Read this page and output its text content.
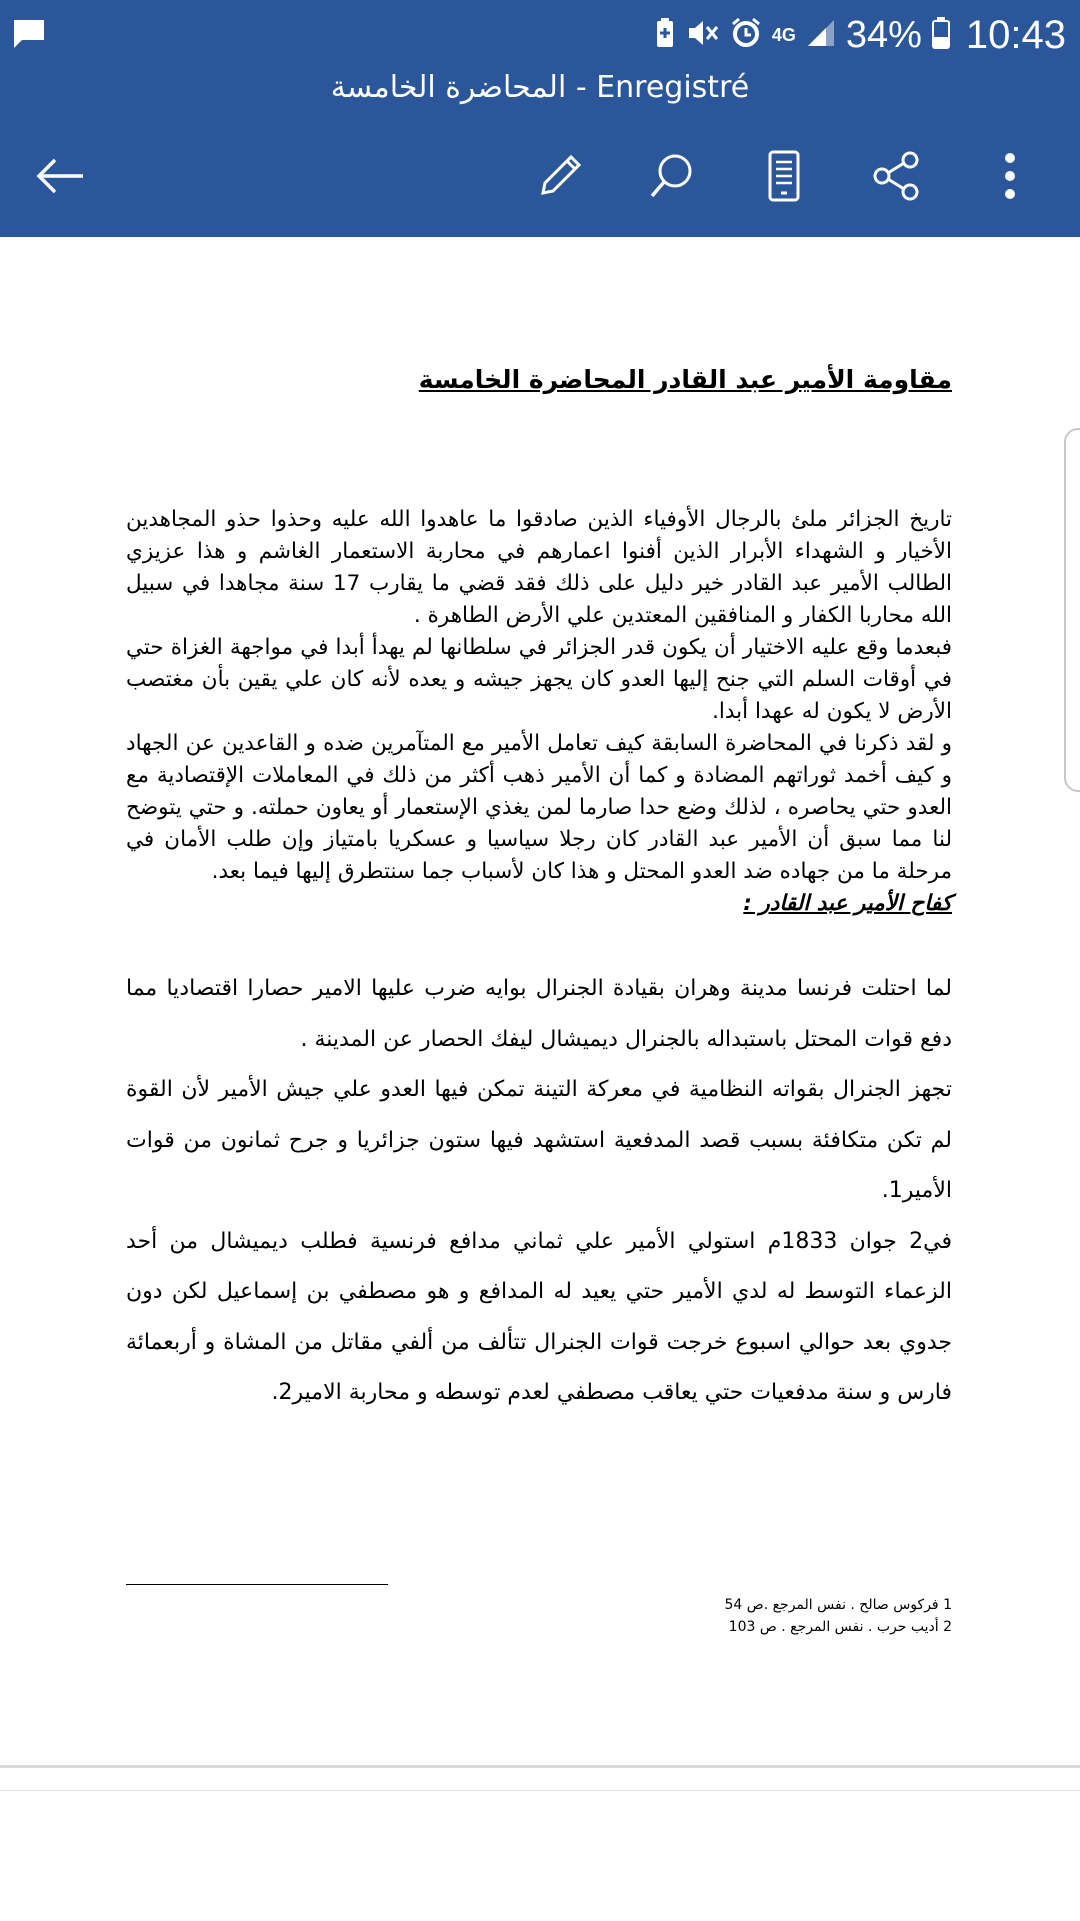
4G 34% 10:43
المحاضرة الخامسة - Enregistré
مقاومة الأمير عبد القادر المحاضرة الخامسة

تاريخ الجزائر ملئ بالرجال الأوفياء الذين صادقوا ما عاهدوا الله عليه وحذوا حذو المجاهدين الأخيار و الشهداء الأبرار الذين أفنوا اعمارهم في محاربة الاستعمار الغاشم و هذا عزيزي الطالب الأمير عبد القادر خير دليل على ذلك فقد قضي ما يقارب 17 سنة مجاهدا في سبيل الله محاربا الكفار و المنافقين المعتدين علي الأرض الطاهرة .

فبعدما وقع عليه الاختيار أن يكون قدر الجزائر في سلطانها لم يهدأ أبدا في مواجهة الغزاة حتي في أوقات السلم التي جنح إليها العدو كان يجهز جيشه و يعده لأنه كان علي يقين بأن مغتصب الأرض لا يكون له عهدا أبدا.

و لقد ذكرنا في المحاضرة السابقة كيف تعامل الأمير مع المتآمرين ضده و القاعدين عن الجهاد و كيف أخمد ثوراتهم المضادة و كما أن الأمير ذهب أكثر من ذلك في المعاملات الإقتصادية مع العدو حتي يحاصره ، لذلك وضع حدا صارما لمن يغذي الإستعمار أو يعاون حملته. و حتي يتوضح لنا مما سبق أن الأمير عبد القادر كان رجلا سياسيا و عسكريا بامتياز وإن طلب الأمان في مرحلة ما من جهاده ضد العدو المحتل و هذا كان لأسباب جما سنتطرق إليها فيما بعد.

كفاح الأمير عبد القادر :

لما احتلت فرنسا مدينة وهران بقيادة الجنرال بوايه ضرب عليها الامير حصارا اقتصاديا مما دفع قوات المحتل باستبداله بالجنرال ديميشال ليفك الحصار عن المدينة .

تجهز الجنرال بقواته النظامية في معركة التينة تمكن فيها العدو علي جيش الأمير لأن القوة لم تكن متكافئة بسبب قصد المدفعية استشهد فيها ستون جزائريا و جرح ثمانون من قوات الأمير1.

في2 جوان 1833م استولي الأمير علي ثماني مدافع فرنسية فطلب ديميشال من أحد الزعماء التوسط له لدي الأمير حتي يعيد له المدافع و هو مصطفي بن إسماعيل لكن دون جدوي بعد حوالي اسبوع خرجت قوات الجنرال تتألف من ألفي مقاتل من المشاة و أربعمائة فارس و سنة مدفعيات حتي يعاقب مصطفي لعدم توسطه و محاربة الامير2.

1 فركوس صالح . نفس المرجع .ص 54
2 أديب حرب . نفس المرجع . ص 103
